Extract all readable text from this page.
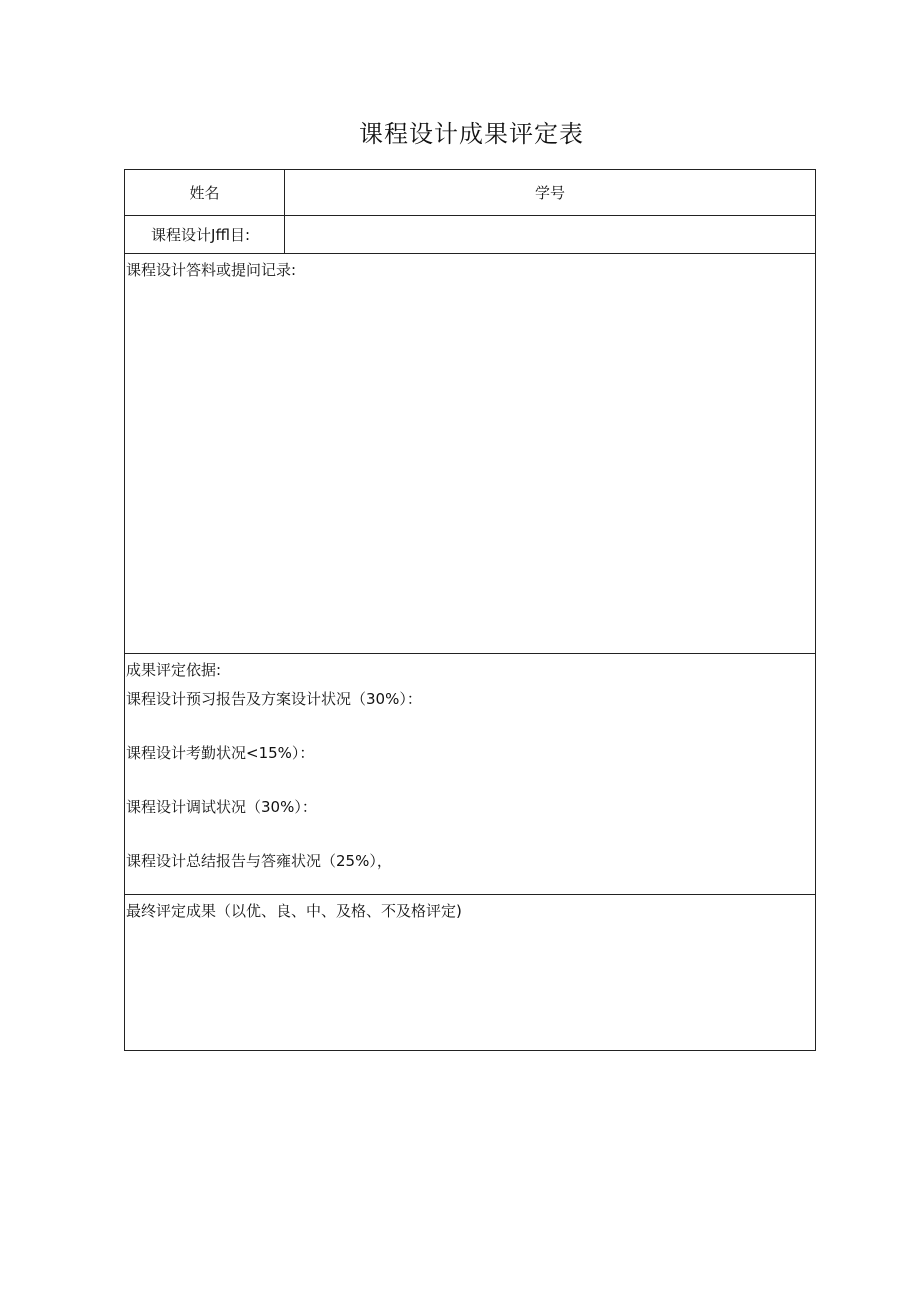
课程设计成果评定表
姓名	学号
课程设计Jffl目:
课程设计答料或提问记录:
成果评定依据:
课程设计预习报告及方案设计状况（30%）：
课程设计考勤状况<15%）：
课程设计调试状况（30%）：
课程设计总结报告与答雍状况（25%），
最终评定成果（以优、良、中、及格、不及格评定)
